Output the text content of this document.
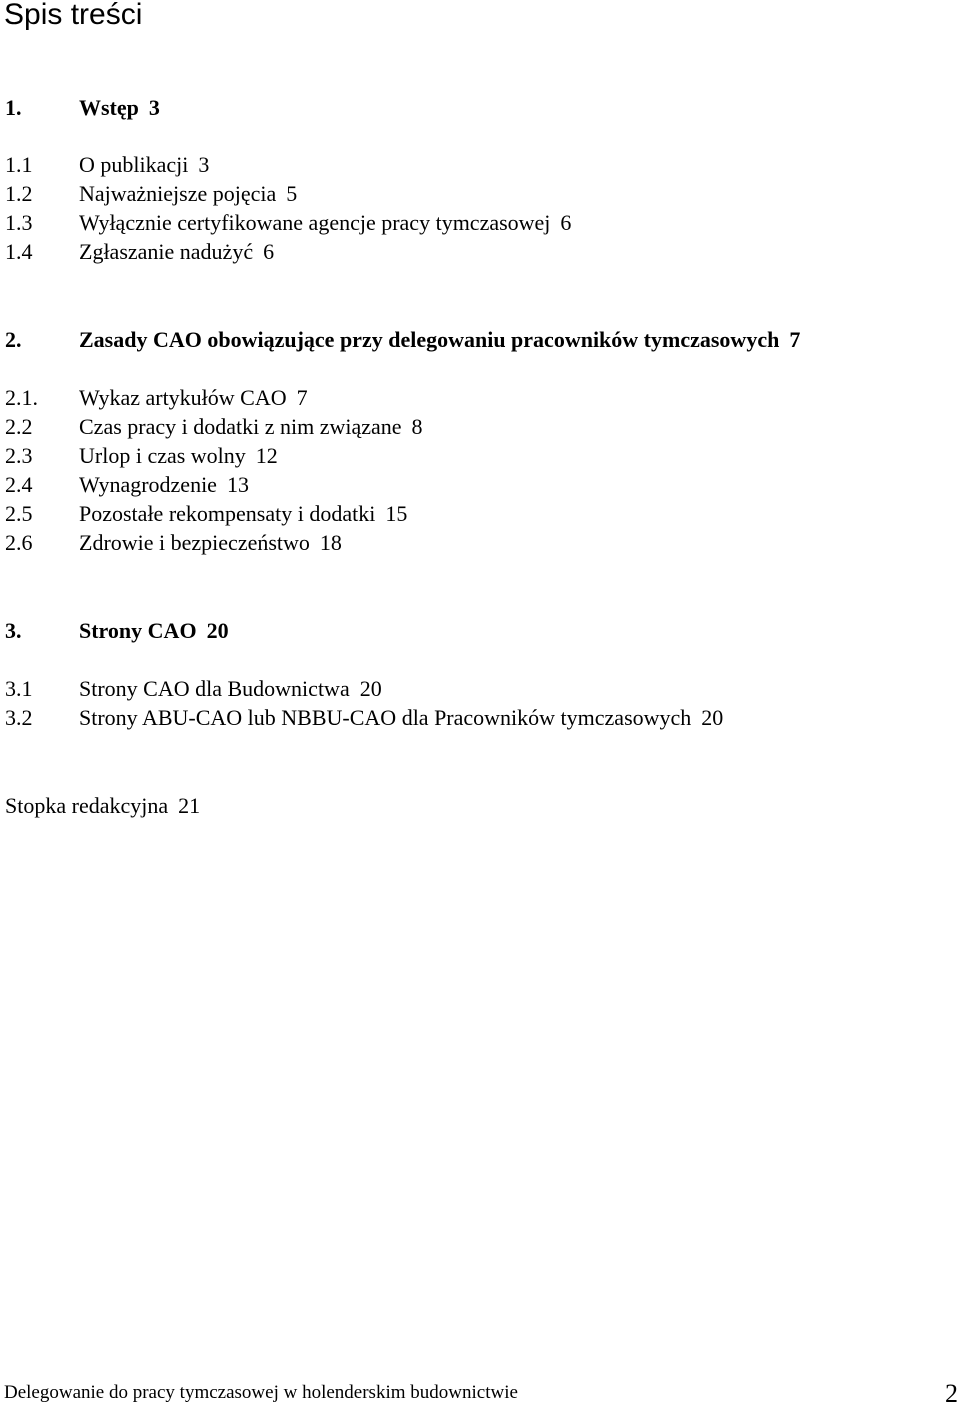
Spis treści
1.	Wstęp 3
1.1 O publikacji 3
1.2 Najważniejsze pojęcia 5
1.3 Wyłącznie certyfikowane agencje pracy tymczasowej 6
1.4 Zgłaszanie nadużyć 6
2.	Zasady CAO obowiązujące przy delegowaniu pracowników tymczasowych 7
2.1. Wykaz artykułów CAO 7
2.2 Czas pracy i dodatki z nim związane 8
2.3 Urlop i czas wolny 12
2.4 Wynagrodzenie 13
2.5 Pozostałe rekompensaty i dodatki 15
2.6 Zdrowie i bezpieczeństwo 18
3.	Strony CAO 20
3.1 Strony CAO dla Budownictwa 20
3.2 Strony ABU-CAO lub NBBU-CAO dla Pracowników tymczasowych 20
Stopka redakcyjna 21
Delegowanie do pracy tymczasowej w holenderskim budownictwie	2
